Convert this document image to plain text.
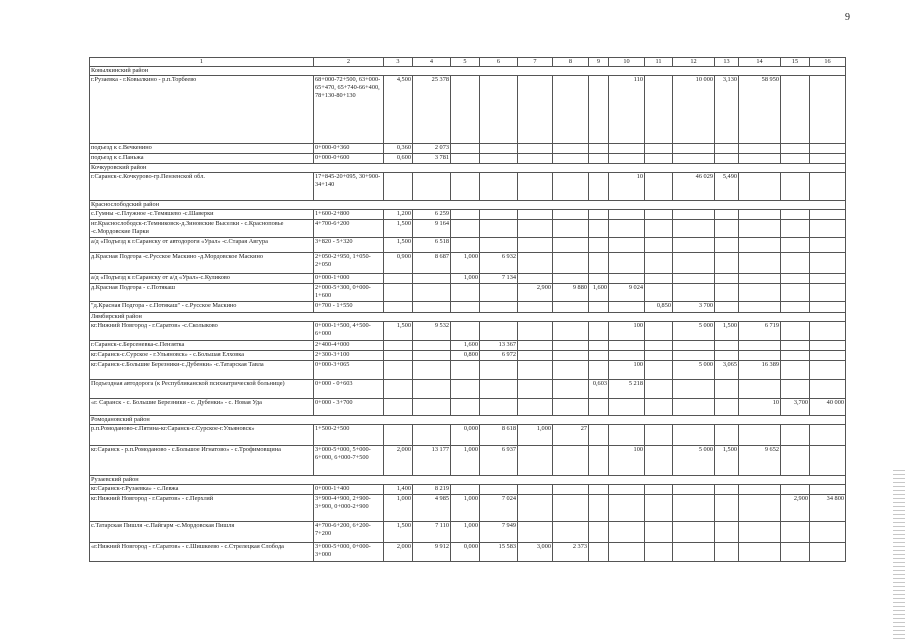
9
1	2	3	4	5	6	7	8	9	10	11	12	13	14	15	16
Ковылкинский район															
г.Рузаевка - г.Ковылкино - р.п.Торбеево	68+000-72+500, 63+000-65+470, 65+740-66+400, 78+130-80+130	4,500	25 378						110		10 000	3,130	58 950		
подъезд к с.Вечкенино	0+000-0+360	0,360	2 073												
подъезд к с.Паньжа	0+000-0+600	0,600	3 781												
Кочкуровский район															
г.Саранск-с.Кочкурово-гр.Пензенской обл.	17+845-20+095, 30+900-34+140								10		46 029	5,490			
Краснослободский район															
с.Гумны -с.Плужное -с.Темяшево -с.Шаверки	1+600-2+800	1,200	6 259												
нг.Краснослободск-г.Темниковск-д.Зиновские Выселки - с.Красноповье -с.Мордовские Парки	4+700-6+200	1,500	9 164												
а/д «Подъезд к г.Саранску от автодороги «Урал» -с.Старая Авгура	3+820 - 5+320	1,500	6 518												
д.Красная Подгора -с.Русское Маскино -д.Мордовское Маскино	2+050-2+950, 1+050-2+050	0,900	8 687	1,000	6 932										
а/д «Подъезд к г.Саранску от а/д «Урал»-с.Куликово	0+000-1+000			1,000	7 134										
д.Красная Подгора - с.Потякаш	2+000-5+300, 0+000-1+600					2,900	9 880	1,600	9 024						
"д.Красная Подгора - с.Потякаш" - с.Русское Маскино	0+700 - 1+550									0,850	3 700				
Лямбирский район															
кг.Нижний Новгород - г.Саратов» -с.Сколыково	0+000-1+500, 4+500-6+000	1,500	9 532						100		5 000	1,500	6 719		
г.Саранск-с.Берсеневка-с.Пензятка	2+400-4+000			1,600	13 367										
кг.Саранск-с.Сурское - г.Ульяновск» - с.Большая Елховка	2+300-3+100			0,800	6 972										
кг.Саранск-с.Большие Березники-с.Дубенки» -с.Татарская Тавла	0+000-3+065								100		5 000	3,065	16 389		
Подъездная автодорога (к Республиканской психиатрической больнице)	0+000 - 0+603							0,603	5 218						
«г. Саранск - с. Большие Березники - с. Дубенки» - с. Новая Уда	0+000 - 3+700												10	3,700	40 000
Ромодановский район															
р.п.Ромоданово-с.Пятина-кг.Саранск-с.Сурское-г.Ульяновск»	1+500-2+500			0,000	8 618	1,000	27								
кг.Саранск - р.п.Ромоданово - с.Большое Игнатово» - с.Трофимовщина	3+000-5+000, 5+000-6+000, 6+000-7+500	2,000	13 177	1,000	6 937				100		5 000	1,500	9 652		
Рузаевский район															
кг.Саранск-г.Рузаевка» - с.Левжа	0+000-1+400	1,400	8 219												
кг.Нижний Новгород - г.Саратов» - с.Перхляй	3+900-4+900, 2+900-3+900, 0+000-2+900	1,000	4 985	1,000	7 024									2,900	34 800
с.Татарская Пишля -с.Пайгарм -с.Мордовская Пишля	4+700-6+200, 6+200-7+200	1,500	7 110	1,000	7 949										
«г.Нижний Новгород - г.Саратов» - с.Шишкеево - с.Стрелецкая Слобода	3+000-5+000, 0+000-3+000	2,000	9 912	0,000	15 583	3,000	2 373								
